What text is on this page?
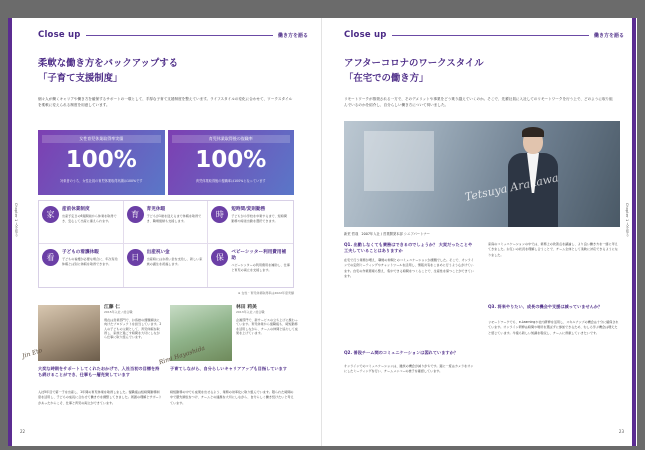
Chapter 1 人を知る
Close up	働き方を語る
柔軟な働き方をバックアップする
「子育て支援制度」

個々人が働くキャリアや働き方を確保するサポートの一環として、手厚な子育て支援制度を整えています。ライフスタイルの変化に合わせて、ワークスタイルを柔軟に変えられる制度を用意しています。

女性育児休業取得率実績
100%
対象者のうち、女性社員の育児休業取得実績は100%です
育児休業取得後の復職率
100%
育児休業取得後の復職率は100%となっています
家
産前休業制度
出産予定日の6週間前から休業を取得でき、安心して出産に備えられます。
育
育児休暇
子どもが1歳を迎えるまで休暇を取得でき、職場復帰も支援します。
時
短時間/変則勤務
子どもが小学校を卒業するまで、短時間勤務や時差出勤を選択できます。
看
子どもの看護休暇
子どもの看護が必要な場合に、年次有給休暇とは別に休暇を取得できます。
日
出産祝い金
出産時にはお祝い金を支給し、新しい家族の誕生を祝福します。
保
ベビーシッター利用費用補助
ベビーシッターの利用費用を補助し、仕事と育児の両立を支援します。
※ 女性・育児休業取得率は2022年度実績
Jin Eto
江藤 仁
2015年入社 / 総合職
現在は営業部門で、お客様の課題解決に向けたプロジェクトを担当しています。2人の子どもの父親として、育児休暇を取得し、家族と過ごす時間を大切にしながら仕事に取り組んでいます。
Rimi Hayashida
林田 莉美
2013年入社 / 総合職
企画部門で、新サービスの立ち上げに携わっています。育児休業から復職後も、時短勤務を活用しながら、チームの仲間と協力して成果を上げています。
大変な時期をサポートしてくれたおかげで、入社当初の目標を持ち続けることができ、仕事も一層充実しています
子育てしながら、自分らしいキャリアアップも目指しています

入社5年目で第一子を出産し、1年間の育児休業を取得しました。復職後は短時間勤務制度を活用し、子どもの成長に合わせて働き方を調整してきました。周囲の理解とサポートがあったからこそ、仕事と育児の両立ができています。

時短勤務の中でも成果を出せるよう、業務の効率化に取り組んでいます。限られた時間の中で優先順位をつけ、チームとの連携を大切にしながら、自分らしく働き続けたいと考えています。

22
Chapter 1 人を知る
Close up	働き方を語る
アフターコロナのワークスタイル
「在宅での働き方」

リモートワークが推奨される一方で、そのデメリットや事業をどう乗り越えていくのか。そこで、先輩社員に入社してのリモートワークを行う上で、どのように取り組んでいるのかを紹介し、自分らしい働き方について伺いました。

Tetsuya Arakawa
新荒 哲哉　2007年入社 / 営業開発本部 シニアパートナー
Q1. 出勤しなくても業務はできるのでしょうか？ 大変だったことや工夫していることはありますか

在宅で行う業務が増え、職場の仲間とのコミュニケーションが課題でした。そこで、オンラインでの定例ミーティングやチャットツールを活用し、情報共有をこまめに行うよう心がけています。自宅の作業環境も整え、集中できる時間をつくることで、生産性を保つことができています。

Q2. 普段チーム間のコミュニケーションは図れていますか？

オンラインでのコミュニケーションは、雑談の機会が減りがちです。週に一度はカメラをオンにしたミーティングを行い、チームメンバーの様子を確認しています。

家庭のコミュニケーションの中では、業務上の改善点を議論し、より良い働き方を一緒に考えてきました。お互いの状況を理解し合うことで、チーム全体として柔軟に対応できるようになりました。

Q3. 将来やりたい、成長の機会や支援は減っていませんか？

リモートワークでも、e-Learningや社内研修を活用し、スキルアップの機会は十分に確保されています。オンライン研修は時間や場所を選ばずに参加できるため、むしろ学ぶ機会は増えたと感じています。今後も新しい知識を吸収し、チームに貢献していきたいです。

23
